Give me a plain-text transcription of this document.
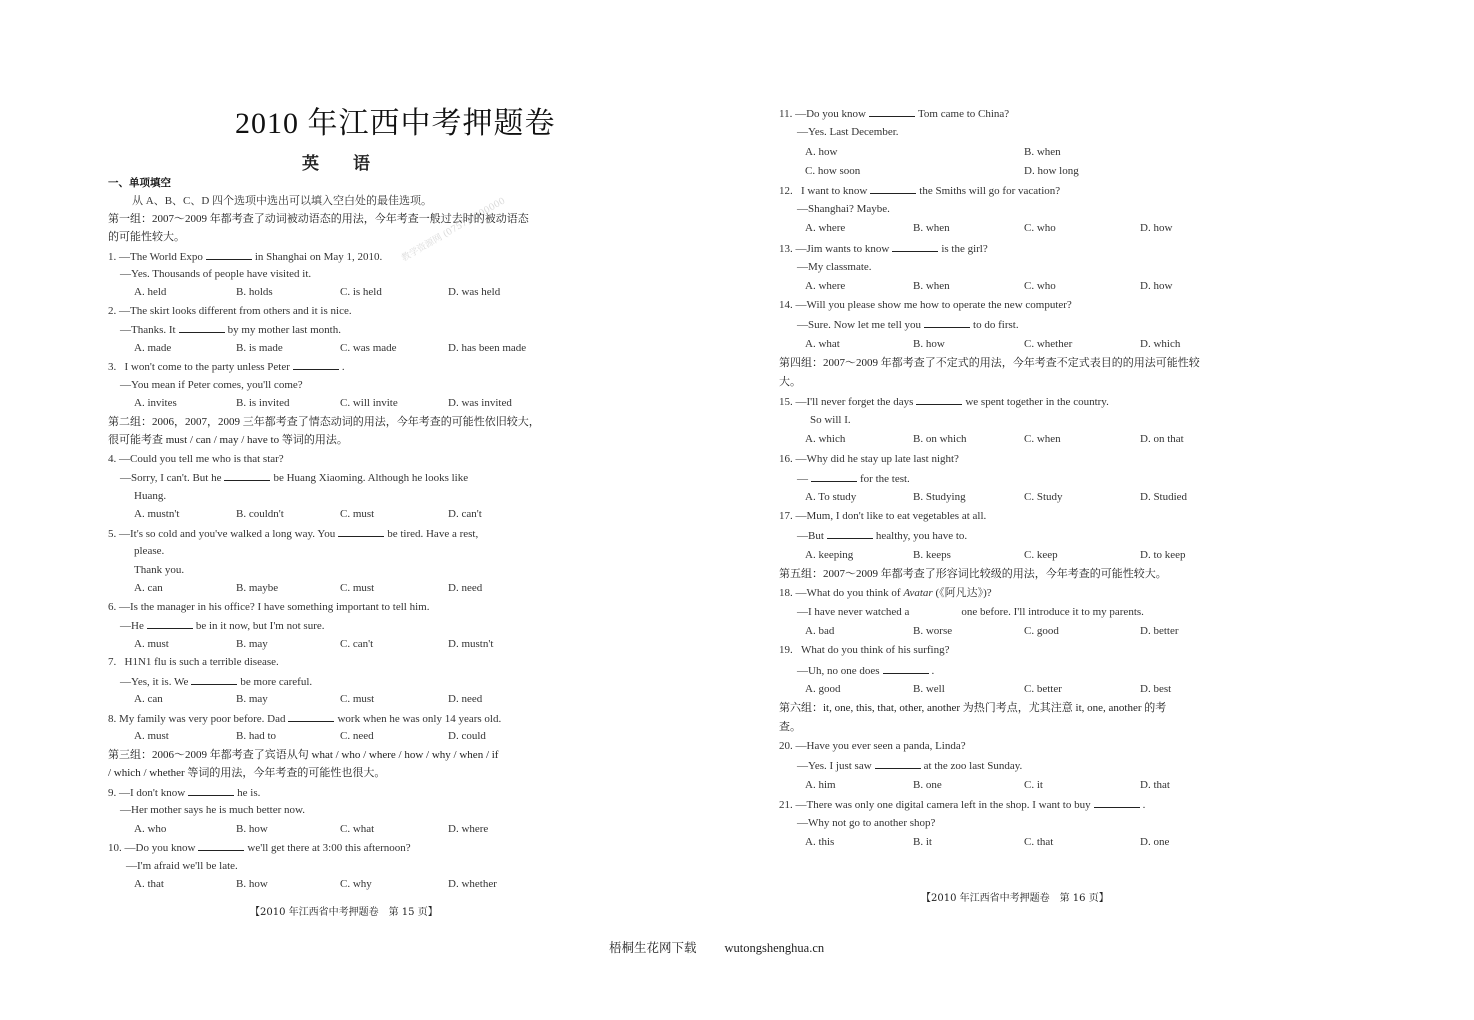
教学资源网 (0757)0000000
2010 年江西中考押题卷
英语
一、单项填空
从 A、B、C、D 四个选项中选出可以填入空白处的最佳选项。
第一组：2007～2009 年都考查了动词被动语态的用法，今年考查一般过去时的被动语态
的可能性较大。
1. —The World Expo	in Shanghai on May 1, 2010.
—Yes. Thousands of people have visited it.
A. held	B. holds	C. is held	D. was held
2. —The skirt looks different from others and it is nice.
—Thanks. It	by my mother last month.
A. made	B. is made	C. was made	D. has been made
3. I won't come to the party unless Peter	.
—You mean if Peter comes, you'll come?
A. invites	B. is invited	C. will invite	D. was invited
第二组：2006，2007，2009 三年都考查了情态动词的用法，今年考查的可能性依旧较大，
很可能考查 must / can / may / have to 等词的用法。
4. —Could you tell me who is that star?
—Sorry, I can't. But he	be Huang Xiaoming. Although he looks like
Huang.
A. mustn't	B. couldn't	C. must	D. can't
5. —It's so cold and you've walked a long way. You	be tired. Have a rest,
please.
Thank you.
A. can	B. maybe	C. must	D. need
6. —Is the manager in his office? I have something important to tell him.
—He	be in it now, but I'm not sure.
A. must	B. may	C. can't	D. mustn't
7. H1N1 flu is such a terrible disease.
—Yes, it is. We	be more careful.
A. can	B. may	C. must	D. need
8. My family was very poor before. Dad	work when he was only 14 years old.
A. must	B. had to	C. need	D. could
第三组：2006～2009 年都考查了宾语从句 what / who / where / how / why / when / if
/ which / whether 等词的用法，今年考查的可能性也很大。
9. —I don't know	he is.
—Her mother says he is much better now.
A. who	B. how	C. what	D. where
10. —Do you know	we'll get there at 3:00 this afternoon?
—I'm afraid we'll be late.
A. that	B. how	C. why	D. whether
【2010 年江西省中考押题卷　第 15 页】
11. —Do you know	Tom came to China?
—Yes. Last December.
A. how	B. when
C. how soon	D. how long
12. I want to know	the Smiths will go for vacation?
—Shanghai? Maybe.
A. where	B. when	C. who	D. how
13. —Jim wants to know	is the girl?
—My classmate.
A. where	B. when	C. who	D. how
14. —Will you please show me how to operate the new computer?
—Sure. Now let me tell you	to do first.
A. what	B. how	C. whether	D. which
第四组：2007～2009 年都考查了不定式的用法，今年考查不定式表目的的用法可能性较
大。
15. —I'll never forget the days	we spent together in the country.
So will I.
A. which	B. on which	C. when	D. on that
16. —Why did he stay up late last night?
—	for the test.
A. To study	B. Studying	C. Study	D. Studied
17. —Mum, I don't like to eat vegetables at all.
—But	healthy, you have to.
A. keeping	B. keeps	C. keep	D. to keep
第五组：2007～2009 年都考查了形容词比较级的用法，今年考查的可能性较大。
18. —What do you think of Avatar (《阿凡达》)?
—I have never watched a	one before. I'll introduce it to my parents.
A. bad	B. worse	C. good	D. better
19. What do you think of his surfing?
—Uh, no one does	.
A. good	B. well	C. better	D. best
第六组：it, one, this, that, other, another 为热门考点，尤其注意 it, one, another 的考
查。
20. —Have you ever seen a panda, Linda?
—Yes. I just saw	at the zoo last Sunday.
A. him	B. one	C. it	D. that
21. —There was only one digital camera left in the shop. I want to buy	.
—Why not go to another shop?
A. this	B. it	C. that	D. one
【2010 年江西省中考押题卷　第 16 页】
梧桐生花网下载 wutongshenghua.cn
